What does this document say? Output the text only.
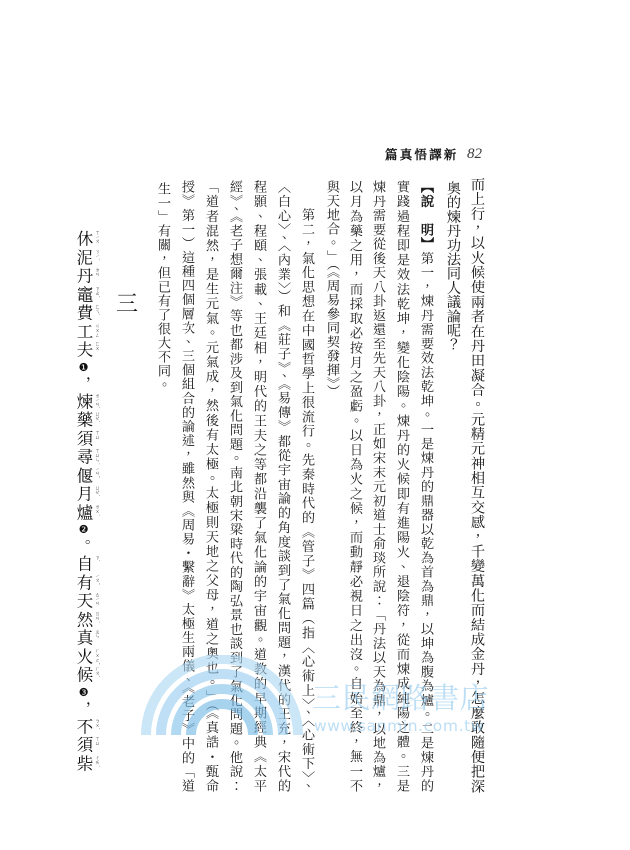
新譯悟真篇 82
而上行，以火候使兩者在丹田凝合。元精元神相互交感，千變萬化而結成金丹，怎麼敢隨便把深
奧的煉丹功法同人議論呢？
【說　明】第一，煉丹需要效法乾坤。一是煉丹的鼎器以乾為首為鼎，以坤為腹為爐。二是煉丹的
實踐過程即是效法乾坤，變化陰陽。煉丹的火候即有進陽火、退陰符，從而煉成純陽之體。三是
煉丹需要從後天八卦返還至先天八卦，正如宋末元初道士俞琰所說：「丹法以天為鼎，以地為爐，
以月為藥之用，而採取必按月之盈虧。以日為火之候，而動靜必視日之出沒。自始至終，無一不
與天地合。」（《周易參同契發揮》）
第二，氣化思想在中國哲學上很流行。先秦時代的《管子》四篇（指〈心術上〉、〈心術下〉、
〈白心〉、〈內業〉）和《莊子》、《易傳》都從宇宙論的角度談到了氣化問題，漢代的王充，宋代的
程顥、程頤、張載、王廷相，明代的王夫之等都沿襲了氣化論的宇宙觀。道教的早期經典《太平
經》、《老子想爾注》等也都涉及到氣化問題。南北朝宋梁時代的陶弘景也談到了氣化問題。他說：
「道者混然，是生元氣。元氣成，然後有太極。太極則天地之父母，道之奧也。」（《真誥・甄命
授》第一）這種四個層次、三個組合的論述，雖然與《周易・繫辭》太極生兩儀、《老子》中的「道
生一」有關，但已有了很大不同。
三
休 ㄒㄧㄡ
泥 ㄋㄧˊ
丹 ㄉㄢ
竈 ㄗㄠˋ
費 ㄈㄟˋ
工 ㄍㄨㄥ
夫 ㄈㄨ
❶
，
煉 ㄌㄧㄢˋ
藥 ㄩㄝˋ
須 ㄒㄩ
尋 ㄒㄩㄣˊ
偃 ㄧㄢˇ
月 ㄩㄝˋ
爐 ㄌㄨˊ
❷
。
自 ㄗˋ
有 ㄧㄡˇ
天 ㄊㄧㄢ
然 ㄖㄢˊ
真 ㄓㄣ
火 ㄏㄨㄛˇ
候 ㄏㄡˋ
❸
，
不 ㄅㄨˋ
須 ㄒㄩ
柴 ㄔㄞˊ
三民網路書店
www.sanmin.com.tw
